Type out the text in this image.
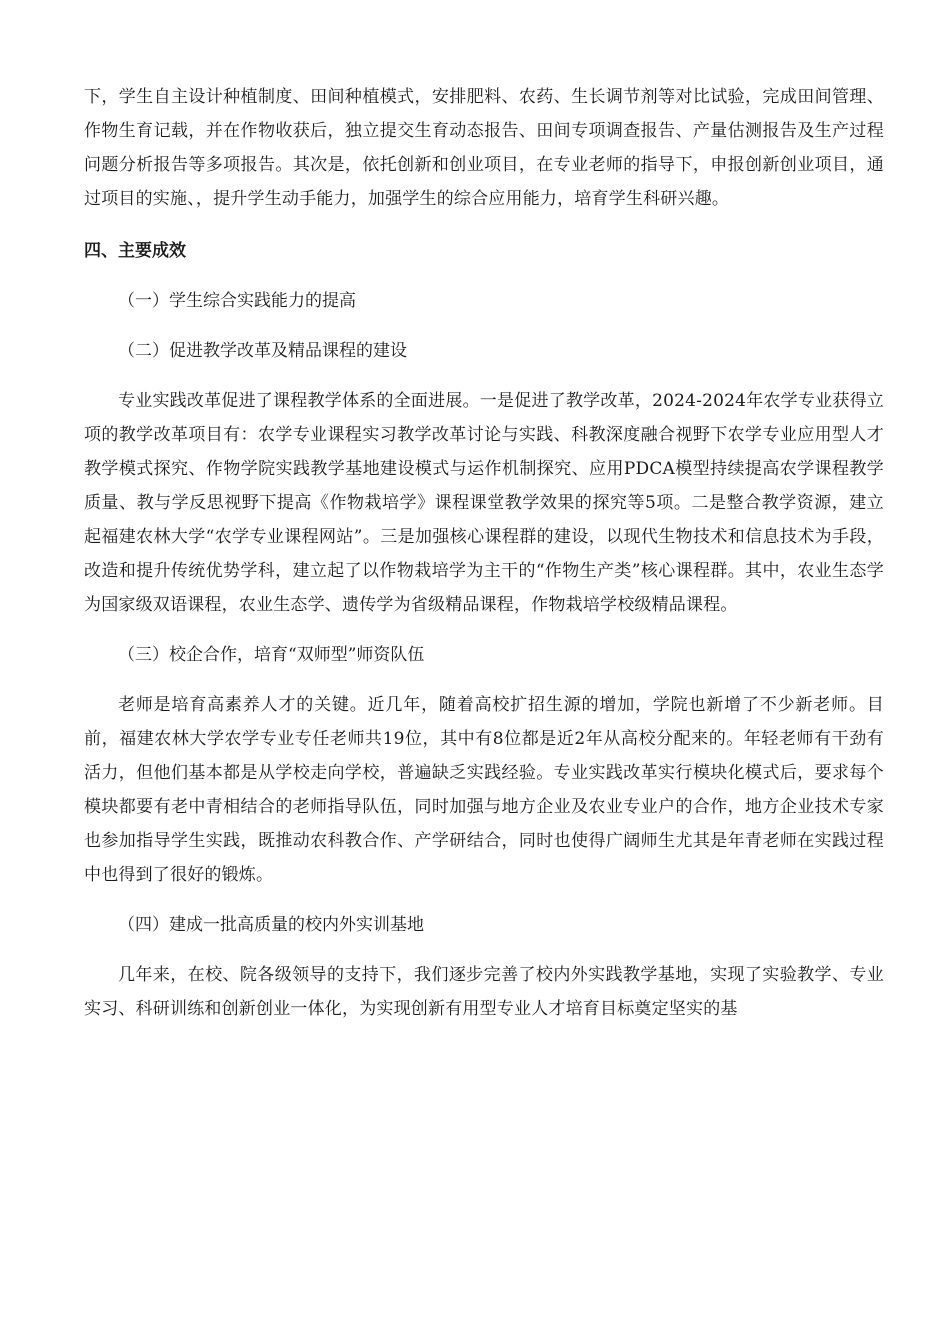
下，学生自主设计种植制度、田间种植模式，安排肥料、农药、生长调节剂等对比试验，完成田间管理、作物生育记载，并在作物收获后，独立提交生育动态报告、田间专项调查报告、产量估测报告及生产过程问题分析报告等多项报告。其次是，依托创新和创业项目，在专业老师的指导下，申报创新创业项目，通过项目的实施、，提升学生动手能力，加强学生的综合应用能力，培育学生科研兴趣。

四、主要成效

（一）学生综合实践能力的提高

（二）促进教学改革及精品课程的建设

专业实践改革促进了课程教学体系的全面进展。一是促进了教学改革，2024-2024年农学专业获得立项的教学改革项目有：农学专业课程实习教学改革讨论与实践、科教深度融合视野下农学专业应用型人才教学模式探究、作物学院实践教学基地建设模式与运作机制探究、应用PDCA模型持续提高农学课程教学质量、教与学反思视野下提高《作物栽培学》课程课堂教学效果的探究等5项。二是整合教学资源，建立起福建农林大学“农学专业课程网站”。三是加强核心课程群的建设，以现代生物技术和信息技术为手段，改造和提升传统优势学科，建立起了以作物栽培学为主干的“作物生产类”核心课程群。其中，农业生态学为国家级双语课程，农业生态学、遗传学为省级精品课程，作物栽培学校级精品课程。

（三）校企合作，培育“双师型”师资队伍

老师是培育高素养人才的关键。近几年，随着高校扩招生源的增加，学院也新增了不少新老师。目前，福建农林大学农学专业专任老师共19位，其中有8位都是近2年从高校分配来的。年轻老师有干劲有活力，但他们基本都是从学校走向学校，普遍缺乏实践经验。专业实践改革实行模块化模式后，要求每个模块都要有老中青相结合的老师指导队伍，同时加强与地方企业及农业专业户的合作，地方企业技术专家也参加指导学生实践，既推动农科教合作、产学研结合，同时也使得广阔师生尤其是年青老师在实践过程中也得到了很好的锻炼。

（四）建成一批高质量的校内外实训基地

几年来，在校、院各级领导的支持下，我们逐步完善了校内外实践教学基地，实现了实验教学、专业实习、科研训练和创新创业一体化，为实现创新有用型专业人才培育目标奠定坚实的基
